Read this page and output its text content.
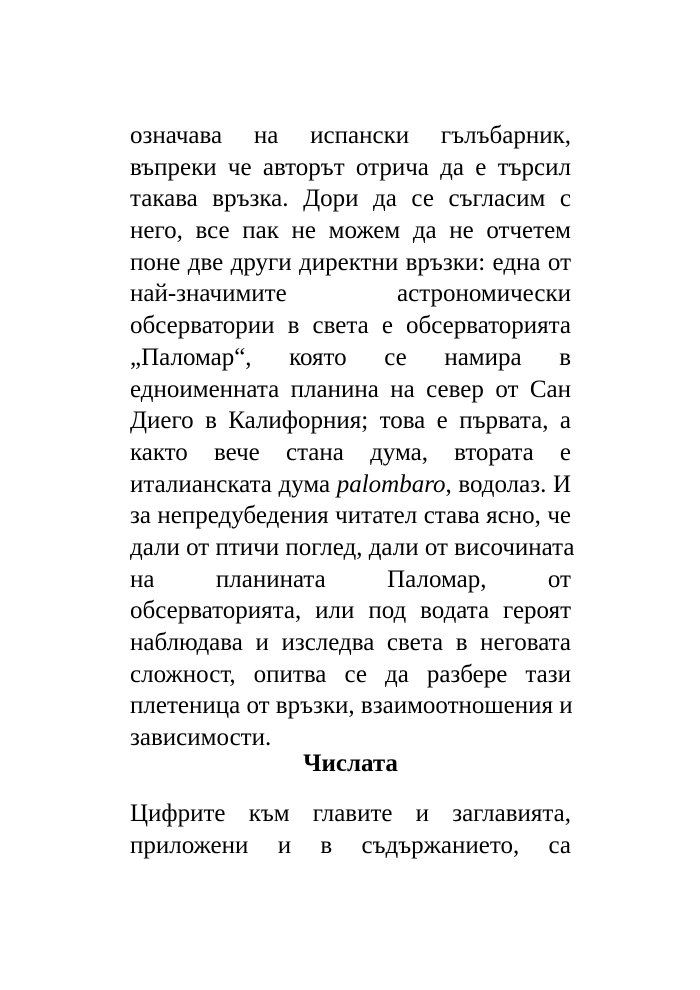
означава на испански гълъбарник,
въпреки че авторът отрича да е търсил
такава връзка. Дори да се съгласим с
него, все пак не можем да не отчетем
поне две други директни връзки: една от
най-значимите астрономически
обсерватории в света е обсерваторията
„Паломар“, която се намира в
едноименната планина на север от Сан
Диего в Калифорния; това е първата, а
както вече стана дума, втората е
италианската дума palombaro, водолаз. И
за непредубедения читател става ясно, че
дали от птичи поглед, дали от височината
на планината Паломар, от
обсерваторията, или под водата героят
наблюдава и изследва света в неговата
сложност, опитва се да разбере тази
плетеница от връзки, взаимоотношения и
зависимости.
Числата
Цифрите към главите и заглавията,
приложени и в съдържанието, са
